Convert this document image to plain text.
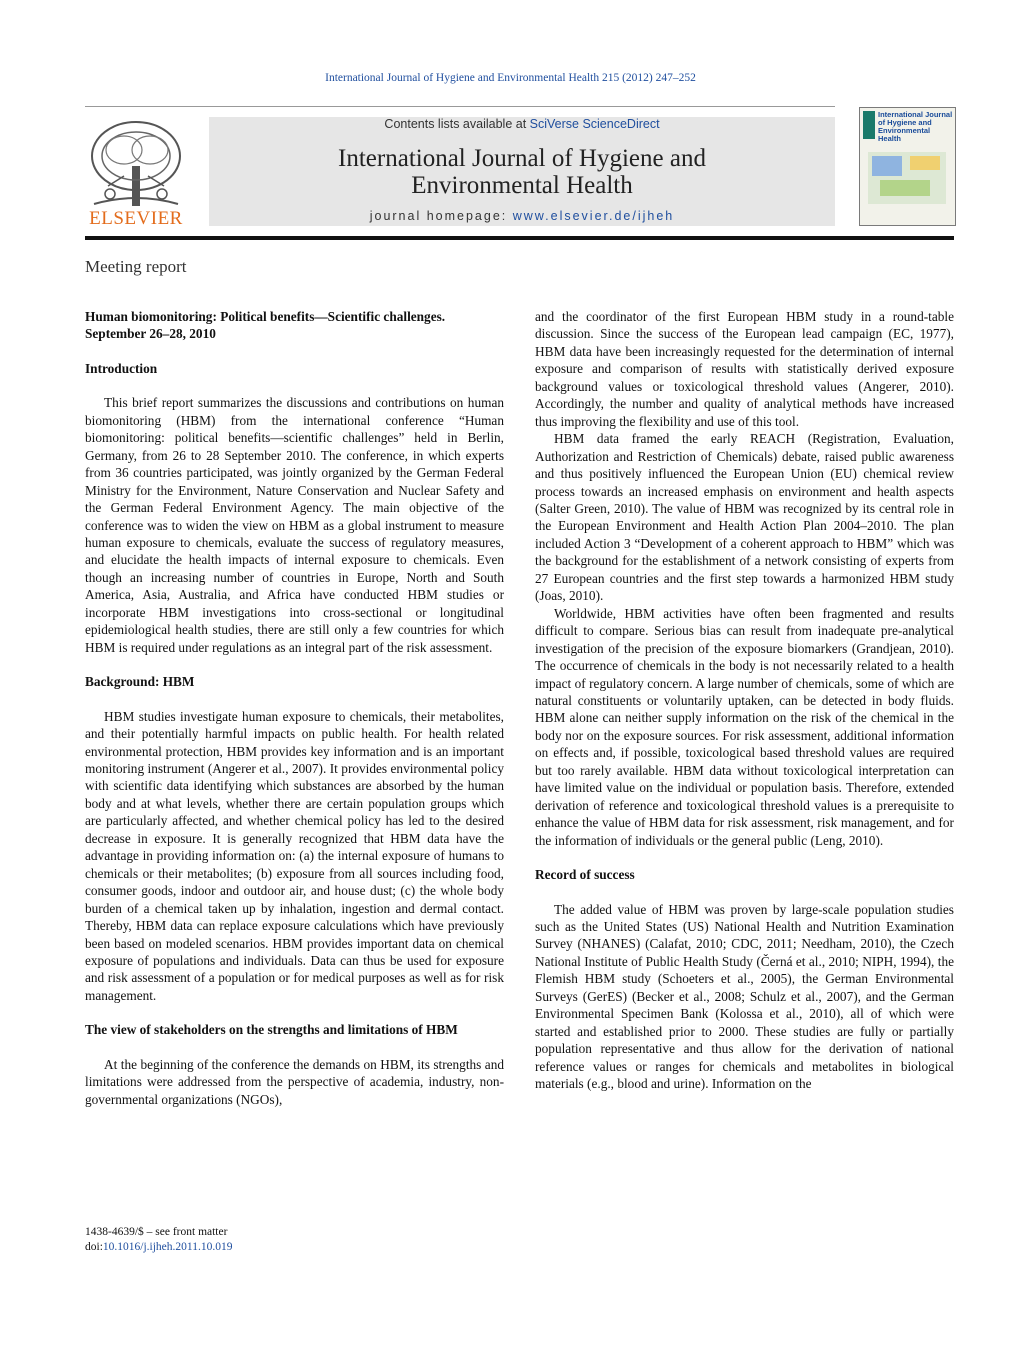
International Journal of Hygiene and Environmental Health 215 (2012) 247–252
ELSEVIER
Contents lists available at SciVerse ScienceDirect
International Journal of Hygiene and
Environmental Health
journal homepage: www.elsevier.de/ijheh
International Journal of Hygiene and Environmental Health
Meeting report
Human biomonitoring: Political benefits—Scientific challenges. September 26–28, 2010
Introduction

This brief report summarizes the discussions and contributions on human biomonitoring (HBM) from the international conference “Human biomonitoring: political benefits—scientific challenges” held in Berlin, Germany, from 26 to 28 September 2010. The conference, in which experts from 36 countries participated, was jointly organized by the German Federal Ministry for the Environment, Nature Conservation and Nuclear Safety and the German Federal Environment Agency. The main objective of the conference was to widen the view on HBM as a global instrument to measure human exposure to chemicals, evaluate the success of regulatory measures, and elucidate the health impacts of internal exposure to chemicals. Even though an increasing number of countries in Europe, North and South America, Asia, Australia, and Africa have conducted HBM studies or incorporate HBM investigations into cross-sectional or longitudinal epidemiological health studies, there are still only a few countries for which HBM is required under regulations as an integral part of the risk assessment.

Background: HBM

HBM studies investigate human exposure to chemicals, their metabolites, and their potentially harmful impacts on public health. For health related environmental protection, HBM provides key information and is an important monitoring instrument (Angerer et al., 2007). It provides environmental policy with scientific data identifying which substances are absorbed by the human body and at what levels, whether there are certain population groups which are particularly affected, and whether chemical policy has led to the desired decrease in exposure. It is generally recognized that HBM data have the advantage in providing information on: (a) the internal exposure of humans to chemicals or their metabolites; (b) exposure from all sources including food, consumer goods, indoor and outdoor air, and house dust; (c) the whole body burden of a chemical taken up by inhalation, ingestion and dermal contact. Thereby, HBM data can replace exposure calculations which have previously been based on modeled scenarios. HBM provides important data on chemical exposure of populations and individuals. Data can thus be used for exposure and risk assessment of a population or for medical purposes as well as for risk management.

The view of stakeholders on the strengths and limitations of HBM

At the beginning of the conference the demands on HBM, its strengths and limitations were addressed from the perspective of academia, industry, non-governmental organizations (NGOs),

and the coordinator of the first European HBM study in a round-table discussion. Since the success of the European lead campaign (EC, 1977), HBM data have been increasingly requested for the determination of internal exposure and comparison of results with statistically derived exposure background values or toxicological threshold values (Angerer, 2010). Accordingly, the number and quality of analytical methods have increased thus improving the flexibility and use of this tool.

HBM data framed the early REACH (Registration, Evaluation, Authorization and Restriction of Chemicals) debate, raised public awareness and thus positively influenced the European Union (EU) chemical review process towards an increased emphasis on environment and health aspects (Salter Green, 2010). The value of HBM was recognized by its central role in the European Environment and Health Action Plan 2004–2010. The plan included Action 3 “Development of a coherent approach to HBM” which was the background for the establishment of a network consisting of experts from 27 European countries and the first step towards a harmonized HBM study (Joas, 2010).

Worldwide, HBM activities have often been fragmented and results difficult to compare. Serious bias can result from inadequate pre-analytical investigation of the precision of the exposure biomarkers (Grandjean, 2010). The occurrence of chemicals in the body is not necessarily related to a health impact of regulatory concern. A large number of chemicals, some of which are natural constituents or voluntarily uptaken, can be detected in body fluids. HBM alone can neither supply information on the risk of the chemical in the body nor on the exposure sources. For risk assessment, additional information on effects and, if possible, toxicological based threshold values are required but too rarely available. HBM data without toxicological interpretation can have limited value on the individual or population basis. Therefore, extended derivation of reference and toxicological threshold values is a prerequisite to enhance the value of HBM data for risk assessment, risk management, and for the information of individuals or the general public (Leng, 2010).

Record of success

The added value of HBM was proven by large-scale population studies such as the United States (US) National Health and Nutrition Examination Survey (NHANES) (Calafat, 2010; CDC, 2011; Needham, 2010), the Czech National Institute of Public Health Study (Černá et al., 2010; NIPH, 1994), the Flemish HBM study (Schoeters et al., 2005), the German Environmental Surveys (GerES) (Becker et al., 2008; Schulz et al., 2007), and the German Environmental Specimen Bank (Kolossa et al., 2010), all of which were started and established prior to 2000. These studies are fully or partially population representative and thus allow for the derivation of national reference values or ranges for chemicals and metabolites in biological materials (e.g., blood and urine). Information on the

1438-4639/$ – see front matter
doi:10.1016/j.ijheh.2011.10.019
